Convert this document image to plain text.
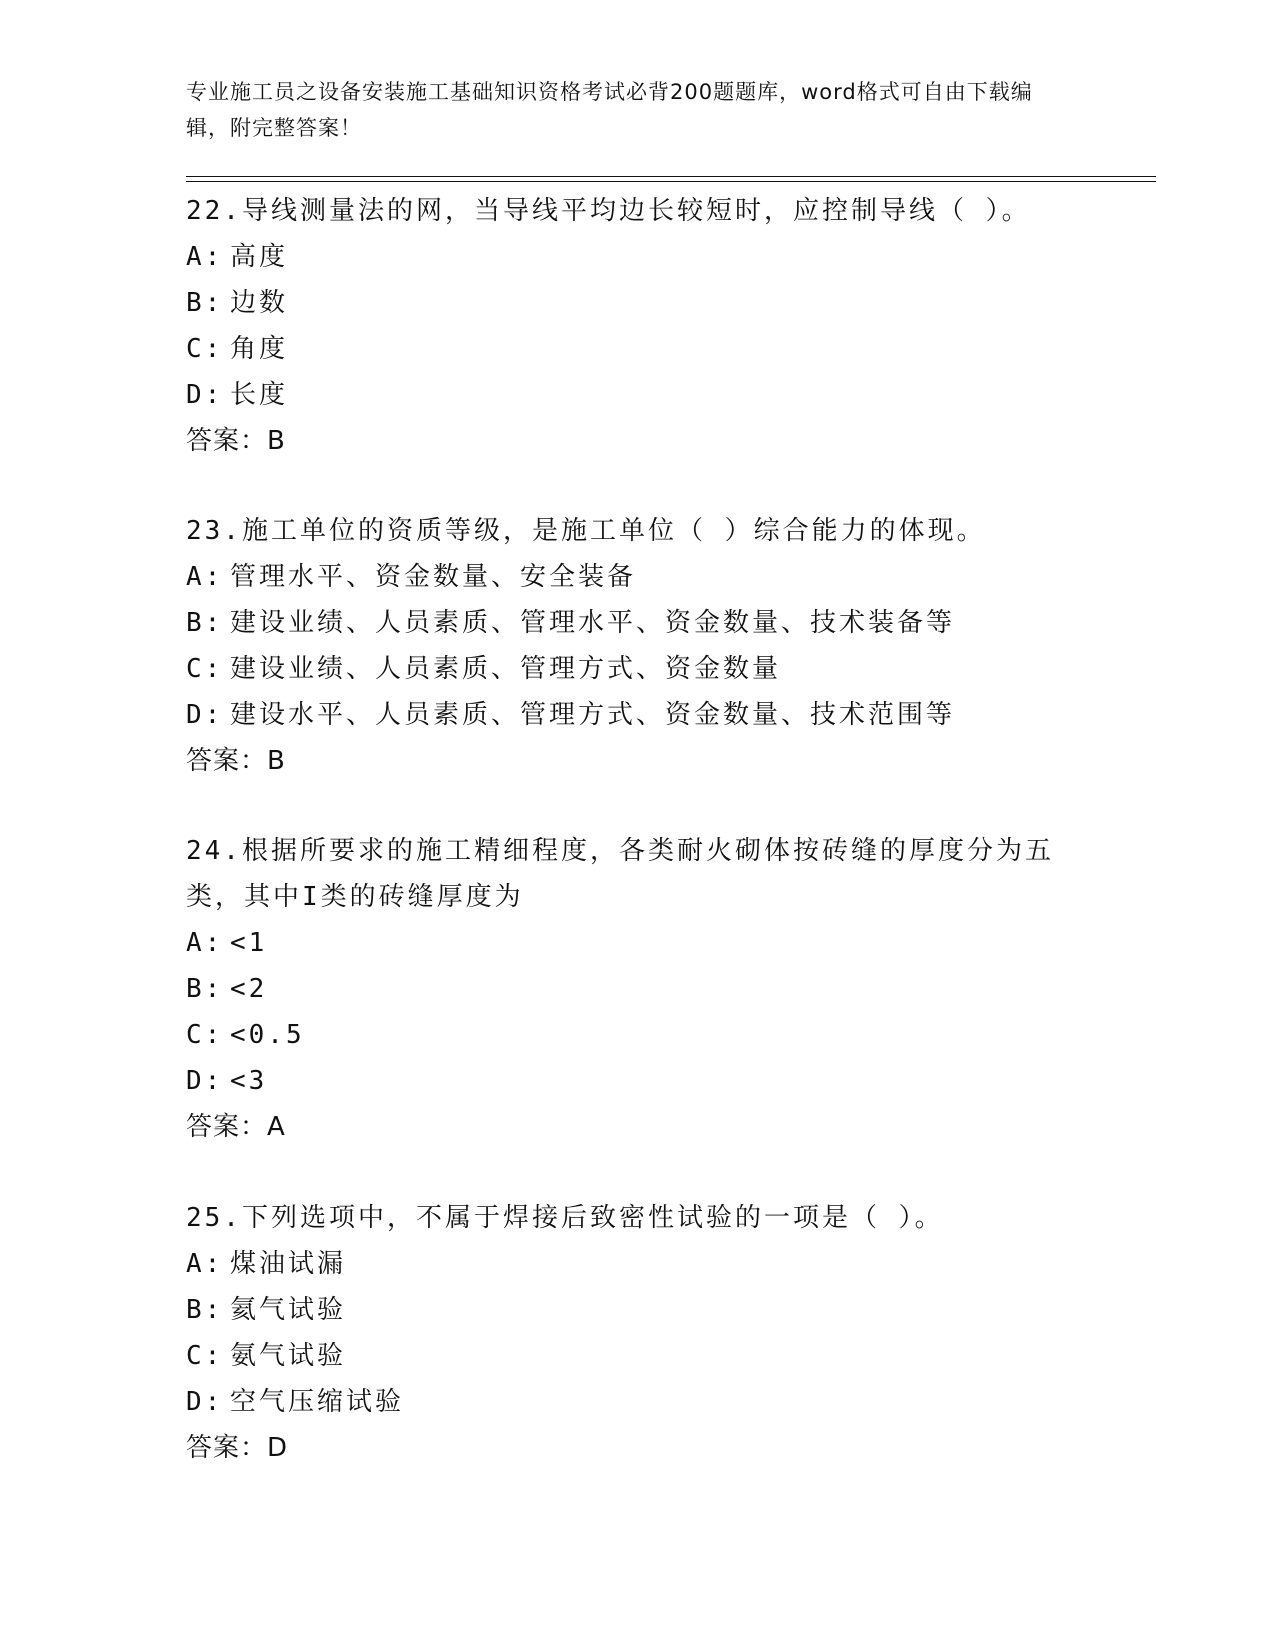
专业施工员之设备安装施工基础知识资格考试必背200题题库，word格式可自由下载编辑，附完整答案！
22.导线测量法的网，当导线平均边长较短时，应控制导线（ ）。
A: 高度
B: 边数
C: 角度
D: 长度
答案：B
23.施工单位的资质等级，是施工单位（ ）综合能力的体现。
A: 管理水平、资金数量、安全装备
B: 建设业绩、人员素质、管理水平、资金数量、技术装备等
C: 建设业绩、人员素质、管理方式、资金数量
D: 建设水平、人员素质、管理方式、资金数量、技术范围等
答案：B
24.根据所要求的施工精细程度，各类耐火砌体按砖缝的厚度分为五类，其中I类的砖缝厚度为
A: <1
B: <2
C: <0.5
D: <3
答案：A
25.下列选项中，不属于焊接后致密性试验的一项是（ ）。
A: 煤油试漏
B: 氦气试验
C: 氨气试验
D: 空气压缩试验
答案：D
